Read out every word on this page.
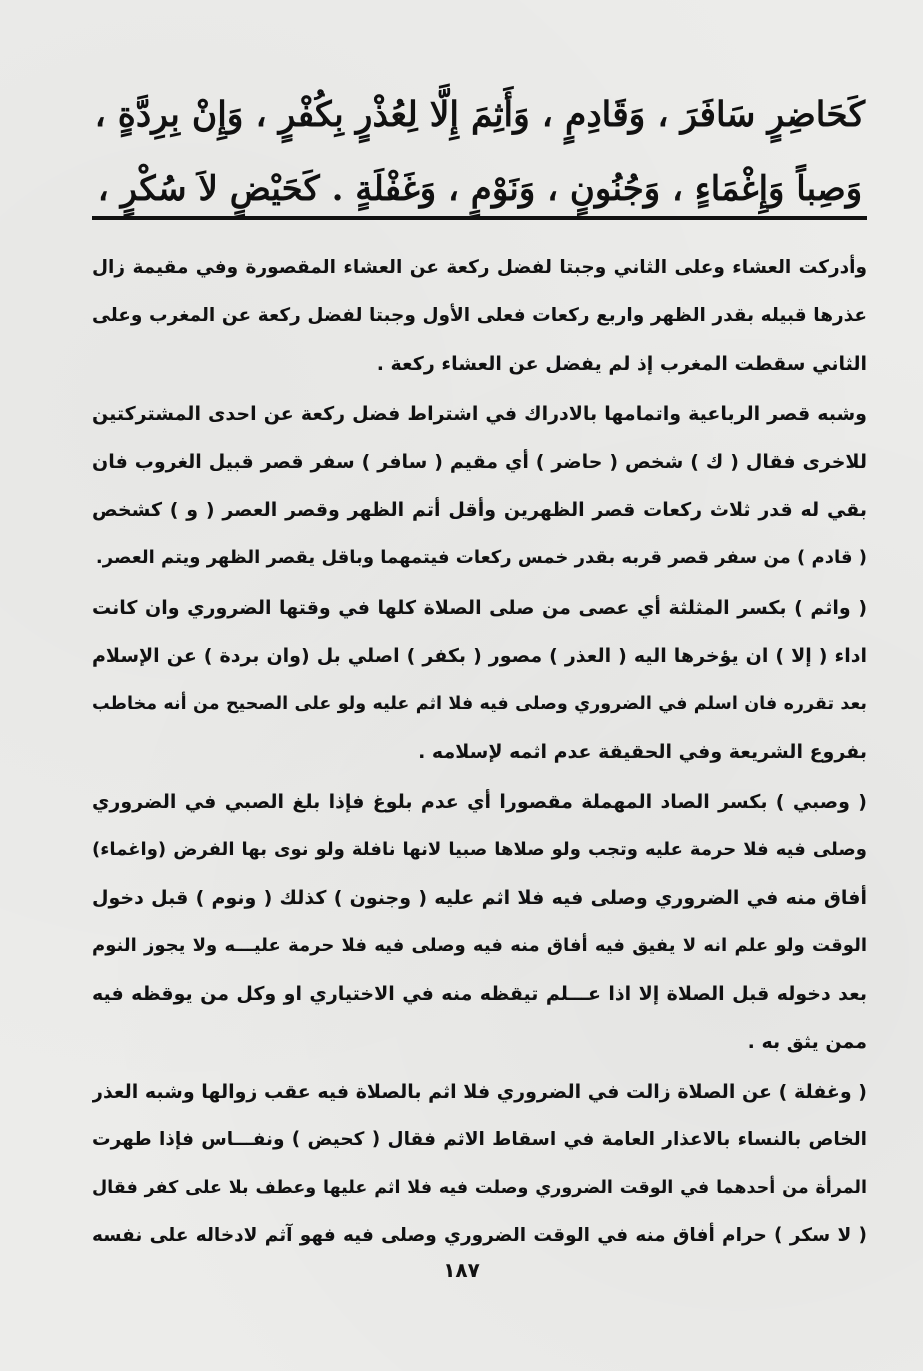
كَحَاضِرٍ سَافَرَ ، وَقَادِمٍ ، وَأَثِمَ إِلَّا لِعُذْرٍ بِكُفْرٍ ، وَإِنْ بِرِدَّةٍ ،
وَصِباً وَإِغْمَاءٍ ، وَجُنُونٍ ، وَنَوْمٍ ، وَغَفْلَةٍ . كَحَيْضٍ لاَ سُكْرٍ ،
وأدركت العشاء وعلى الثاني وجبتا لفضل ركعة عن العشاء المقصورة وفي مقيمة زال
عذرها قبيله بقدر الظهر واربع ركعات فعلى الأول وجبتا لفضل ركعة عن المغرب وعلى
الثاني سقطت المغرب إذ لم يفضل عن العشاء ركعة .
وشبه قصر الرباعية واتمامها بالادراك في اشتراط فضل ركعة عن احدى المشتركتين
للاخرى فقال ( ك ) شخص ( حاضر ) أي مقيم ( سافر ) سفر قصر قبيل الغروب فان
بقي له قدر ثلاث ركعات قصر الظهرين وأقل أتم الظهر وقصر العصر ( و ) كشخص
( قادم ) من سفر قصر قربه بقدر خمس ركعات فيتمهما وباقل يقصر الظهر ويتم العصر.
( واثم ) بكسر المثلثة أي عصى من صلى الصلاة كلها في وقتها الضروري وان كانت
اداء ( إلا ) ان يؤخرها اليه ( العذر ) مصور ( بكفر ) اصلي بل (وان بردة ) عن الإسلام
بعد تقرره فان اسلم في الضروري وصلى فيه فلا اثم عليه ولو على الصحيح من أنه مخاطب
بفروع الشريعة وفي الحقيقة عدم اثمه لإسلامه .
( وصبي ) بكسر الصاد المهملة مقصورا أي عدم بلوغ فإذا بلغ الصبي في الضروري
وصلى فيه فلا حرمة عليه وتجب ولو صلاها صبيا لانها نافلة ولو نوى بها الفرض (واغماء)
أفاق منه في الضروري وصلى فيه فلا اثم عليه ( وجنون ) كذلك ( ونوم ) قبل دخول
الوقت ولو علم انه لا يفيق فيه أفاق منه فيه وصلى فيه فلا حرمة عليـــه ولا يجوز النوم
بعد دخوله قبل الصلاة إلا اذا عـــلم تيقظه منه في الاختياري او وكل من يوقظه فيه
ممن يثق به .
( وغفلة ) عن الصلاة زالت في الضروري فلا اثم بالصلاة فيه عقب زوالها وشبه العذر
الخاص بالنساء بالاعذار العامة في اسقاط الاثم فقال ( كحيض ) ونفـــاس فإذا طهرت
المرأة من أحدهما في الوقت الضروري وصلت فيه فلا اثم عليها وعطف بلا على كفر فقال
( لا سكر ) حرام أفاق منه في الوقت الضروري وصلى فيه فهو آثم لادخاله على نفسه
١٨٧
